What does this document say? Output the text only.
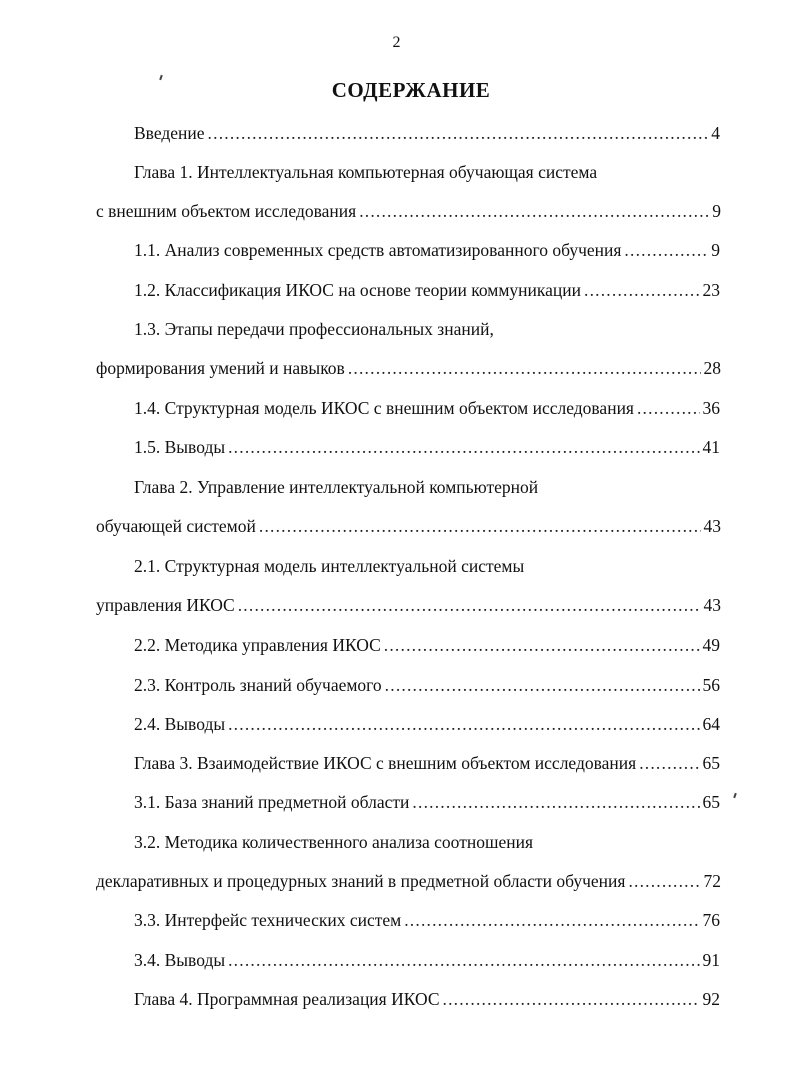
2
СОДЕРЖАНИЕ
Введение .....	4
Глава 1. Интеллектуальная компьютерная обучающая система
с внешним объектом исследования .....	9
1.1. Анализ современных средств автоматизированного обучения .....	9
1.2. Классификация ИКОС на основе теории коммуникации .....	23
1.3. Этапы передачи профессиональных знаний,
формирования умений и навыков .....	28
1.4. Структурная модель ИКОС с внешним объектом исследования .....	36
1.5. Выводы .....	41
Глава 2. Управление интеллектуальной компьютерной
обучающей системой .....	43
2.1. Структурная модель интеллектуальной системы
управления ИКОС .....	43
2.2. Методика управления ИКОС .....	49
2.3. Контроль знаний обучаемого .....	56
2.4. Выводы .....	64
Глава 3. Взаимодействие ИКОС с внешним объектом исследования .....	65
3.1. База знаний предметной области .....	65
3.2. Методика количественного анализа соотношения
декларативных и процедурных знаний в предметной области обучения .....	72
3.3. Интерфейс технических систем .....	76
3.4. Выводы .....	91
Глава 4. Программная реализация ИКОС .....	92
